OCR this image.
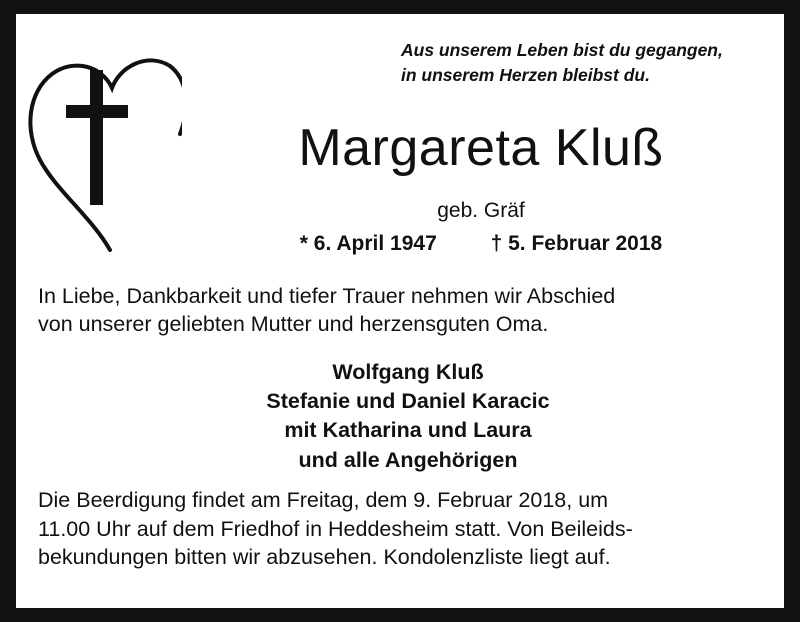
Aus unserem Leben bist du gegangen,
in unserem Herzen bleibst du.
Margareta Kluß
geb. Gräf
* 6. April 1947	† 5. Februar 2018
In Liebe, Dankbarkeit und tiefer Trauer nehmen wir Abschied
von unserer geliebten Mutter und herzensguten Oma.
Wolfgang Kluß
Stefanie und Daniel Karacic
mit Katharina und Laura
und alle Angehörigen
Die Beerdigung findet am Freitag, dem 9. Februar 2018, um
11.00 Uhr auf dem Friedhof in Heddesheim statt. Von Beileids-
bekundungen bitten wir abzusehen. Kondolenzliste liegt auf.
